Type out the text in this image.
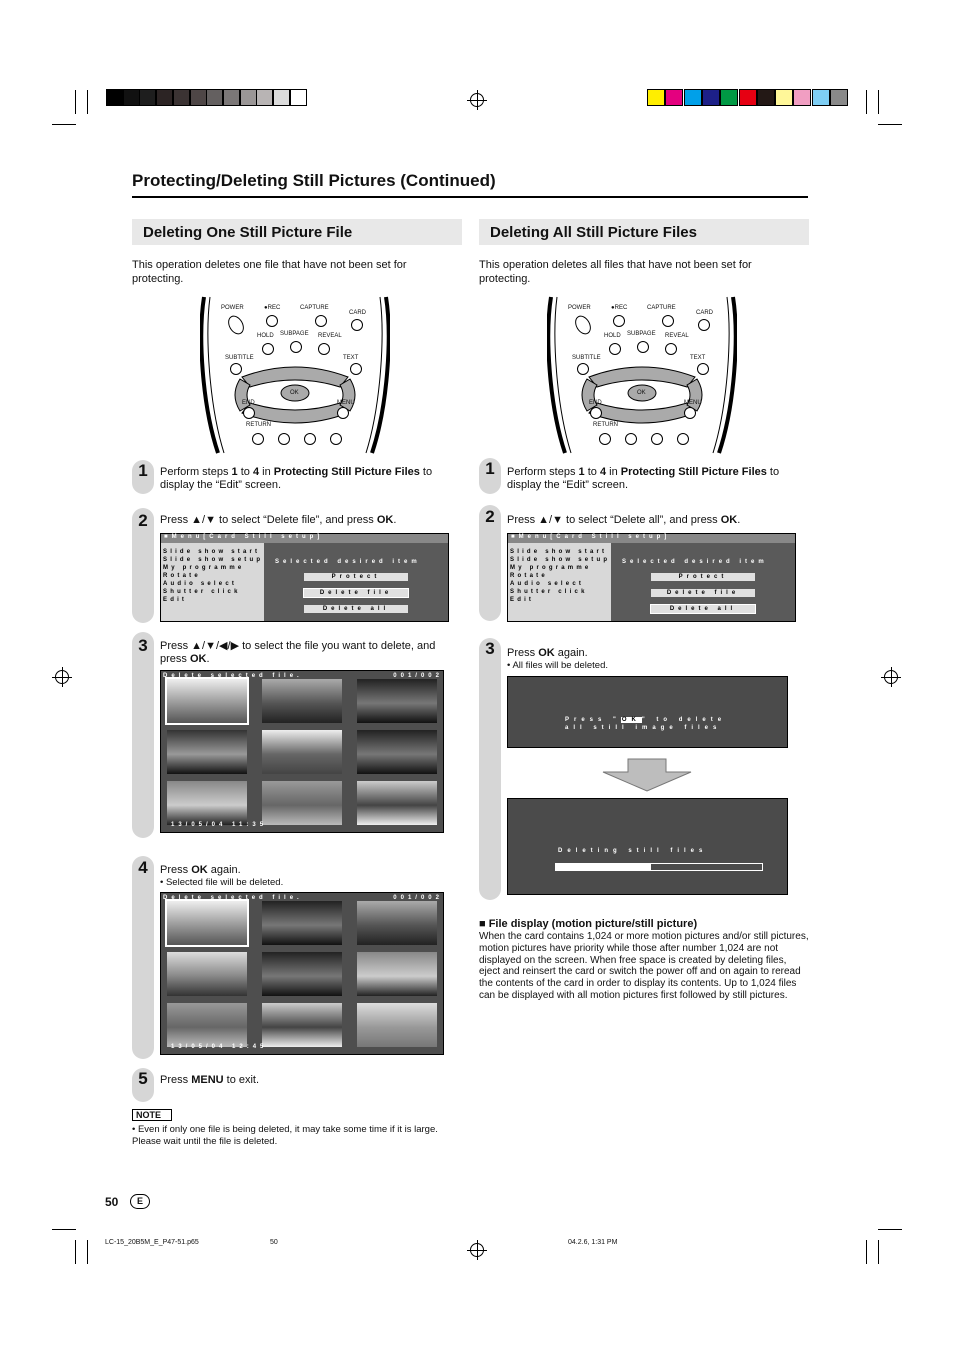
Protecting/Deleting Still Pictures (Continued)
Deleting One Still Picture File
This operation deletes one file that have not been set for protecting.
POWER	●REC	CAPTURE
CARD
HOLD SUBPAGE REVEAL
SUBTITLE	TEXT
OK
END	MENU
RETURN
1	Perform steps 1 to 4 in Protecting Still Picture Files to display the “Edit” screen.
2	Press ▲/▼ to select “Delete file”, and press OK.
■Menu[Card Still setup]
Slide show start
Slide show setup
My programme
Rotate
Audio select
Shutter click
Edit
Selected desired item
Protect
Delete file
Delete all
3	Press ▲/▼/◀/▶ to select the file you want to delete, and press OK.
Delete selected file.	001/002
13/05/04 11:35
4	Press OK again.
• Selected file will be deleted.
Delete selected file.	001/002
13/05/04 12:45
5	Press MENU to exit.
NOTE
• Even if only one file is being deleted, it may take some time if it is large. Please wait until the file is deleted.
Deleting All Still Picture Files
This operation deletes all files that have not been set for protecting.
POWER	●REC	CAPTURE
CARD
HOLD SUBPAGE REVEAL
SUBTITLE	TEXT
OK
END	MENU
RETURN
1	Perform steps 1 to 4 in Protecting Still Picture Files to display the “Edit” screen.
2	Press ▲/▼ to select “Delete all”, and press OK.
■Menu[Card Still setup]
Slide show start
Slide show setup
My programme
Rotate
Audio select
Shutter click
Edit
Selected desired item
Protect
Delete file
Delete all
3	Press OK again.
• All files will be deleted.
Press "OK" to delete
all still image files
Deleting still files
■ File display (motion picture/still picture)
When the card contains 1,024 or more motion pictures and/or still pictures, motion pictures have priority while those after number 1,024 are not displayed on the screen. When free space is created by deleting files, eject and reinsert the card or switch the power off and on again to reread the contents of the card in order to display its contents. Up to 1,024 files can be displayed with all motion pictures first followed by still pictures.
50	E
LC-15_20B5M_E_P47-51.p65	50	04.2.6, 1:31 PM
